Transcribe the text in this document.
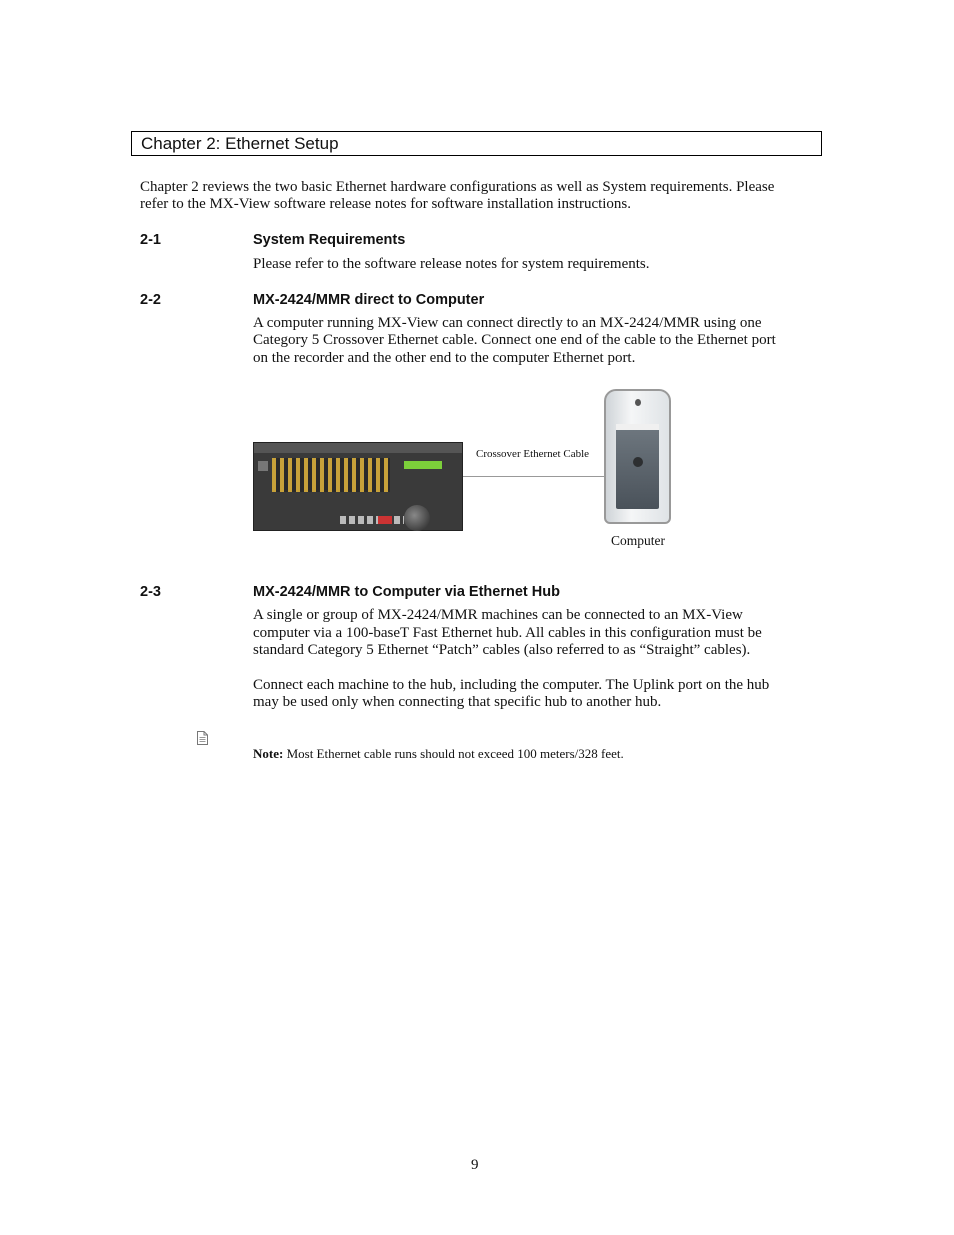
Chapter 2: Ethernet Setup

Chapter 2 reviews the two basic Ethernet hardware configurations as well as System requirements. Please

refer to the MX-View software release notes for software installation instructions.

2-1	System Requirements

Please refer to the software release notes for system requirements.

2-2	MX-2424/MMR direct to Computer

A computer running MX-View can connect directly to an MX-2424/MMR using one

Category 5 Crossover Ethernet cable. Connect one end of the cable to the Ethernet port

on the recorder and the other end to the computer Ethernet port.

Crossover Ethernet Cable
Computer
2-3	MX-2424/MMR to Computer via Ethernet Hub

A single or group of MX-2424/MMR machines can be connected to an MX-View

computer via a 100-baseT Fast Ethernet hub. All cables in this configuration must be

standard Category 5 Ethernet “Patch” cables (also referred to as “Straight” cables).

Connect each machine to the hub, including the computer. The Uplink port on the hub

may be used only when connecting that specific hub to another hub.

Note: Most Ethernet cable runs should not exceed 100 meters/328 feet.

9
